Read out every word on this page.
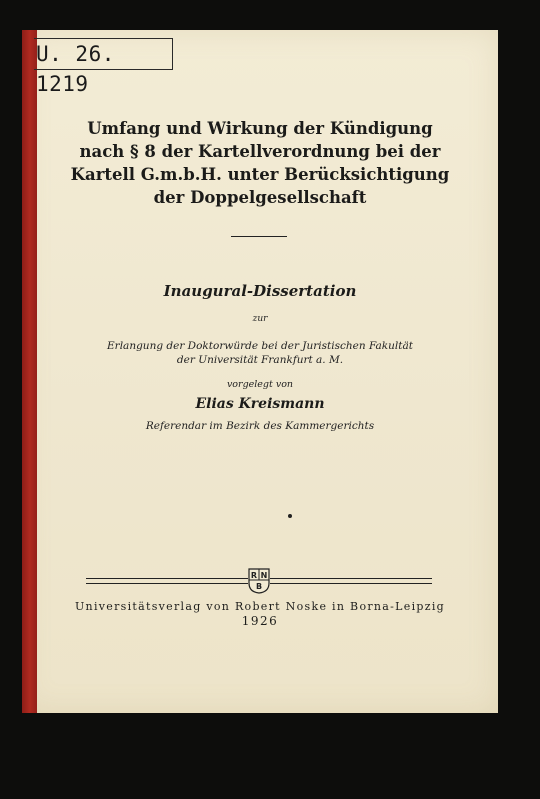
U. 26. 1219
Umfang und Wirkung der Kündigung
nach § 8 der Kartellverordnung bei der
Kartell G.m.b.H. unter Berücksichtigung
der Doppelgesellschaft
Inaugural-Dissertation
zur
Erlangung der Doktorwürde bei der Juristischen Fakultät
der Universität Frankfurt a. M.
vorgelegt von
Elias Kreismann
Referendar im Bezirk des Kammergerichts
R N
B
Universitätsverlag von Robert Noske in Borna-Leipzig
1926
